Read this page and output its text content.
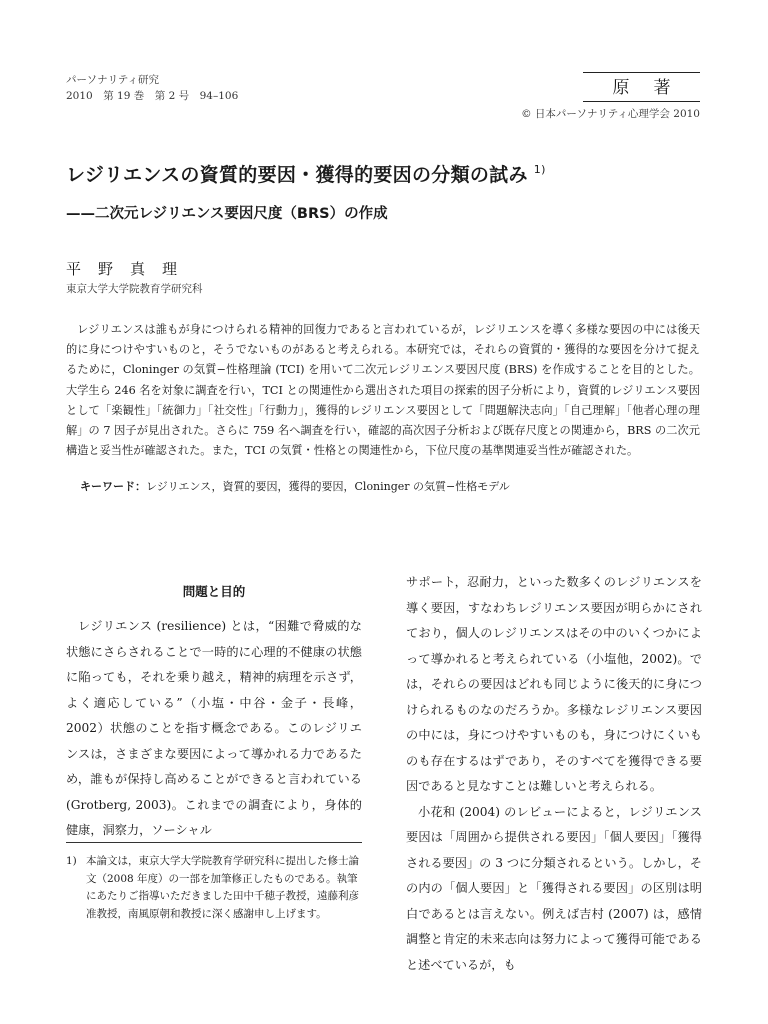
パーソナリティ研究
2010　第 19 巻　第 2 号　94–106	原著
© 日本パーソナリティ心理学会 2010
レジリエンスの資質的要因・獲得的要因の分類の試み $^{1)}$
——二次元レジリエンス要因尺度（BRS）の作成
平野真理
東京大学大学院教育学研究科

レジリエンスは誰もが身につけられる精神的回復力であると言われているが，レジリエンスを導く多様な要因の中には後天的に身につけやすいものと，そうでないものがあると考えられる。本研究では，それらの資質的・獲得的な要因を分けて捉えるために，Cloninger の気質−性格理論 (TCI) を用いて二次元レジリエンス要因尺度 (BRS) を作成することを目的とした。大学生ら 246 名を対象に調査を行い，TCI との関連性から選出された項目の探索的因子分析により，資質的レジリエンス要因として「楽観性」「統御力」「社交性」「行動力」，獲得的レジリエンス要因として「問題解決志向」「自己理解」「他者心理の理解」の 7 因子が見出された。さらに 759 名へ調査を行い，確認的高次因子分析および既存尺度との関連から，BRS の二次元構造と妥当性が確認された。また，TCI の気質・性格との関連性から，下位尺度の基準関連妥当性が確認された。

キーワード：レジリエンス，資質的要因，獲得的要因，Cloninger の気質−性格モデル
問題と目的

レジリエンス (resilience) とは，“困難で脅威的な状態にさらされることで一時的に心理的不健康の状態に陥っても，それを乗り越え，精神的病理を示さず，よく適応している”（小塩・中谷・金子・長峰，2002）状態のことを指す概念である。このレジリエンスは，さまざまな要因によって導かれる力であるため，誰もが保持し高めることができると言われている (Grotberg, 2003)。これまでの調査により，身体的健康，洞察力，ソーシャル

サポート，忍耐力，といった数多くのレジリエンスを導く要因，すなわちレジリエンス要因が明らかにされており，個人のレジリエンスはその中のいくつかによって導かれると考えられている（小塩他，2002)。では，それらの要因はどれも同じように後天的に身につけられるものなのだろうか。多様なレジリエンス要因の中には，身につけやすいものも，身につけにくいものも存在するはずであり，そのすべてを獲得できる要因であると見なすことは難しいと考えられる。

小花和 (2004) のレビューによると，レジリエンス要因は「周囲から提供される要因」「個人要因」「獲得される要因」の 3 つに分類されるという。しかし，その内の「個人要因」と「獲得される要因」の区別は明白であるとは言えない。例えば吉村 (2007) は，感情調整と肯定的未来志向は努力によって獲得可能であると述べているが，も

1) 本論文は，東京大学大学院教育学研究科に提出した修士論文（2008 年度）の一部を加筆修正したものである。執筆にあたりご指導いただきました田中千穂子教授，遠藤利彦准教授，南風原朝和教授に深く感謝申し上げます。
